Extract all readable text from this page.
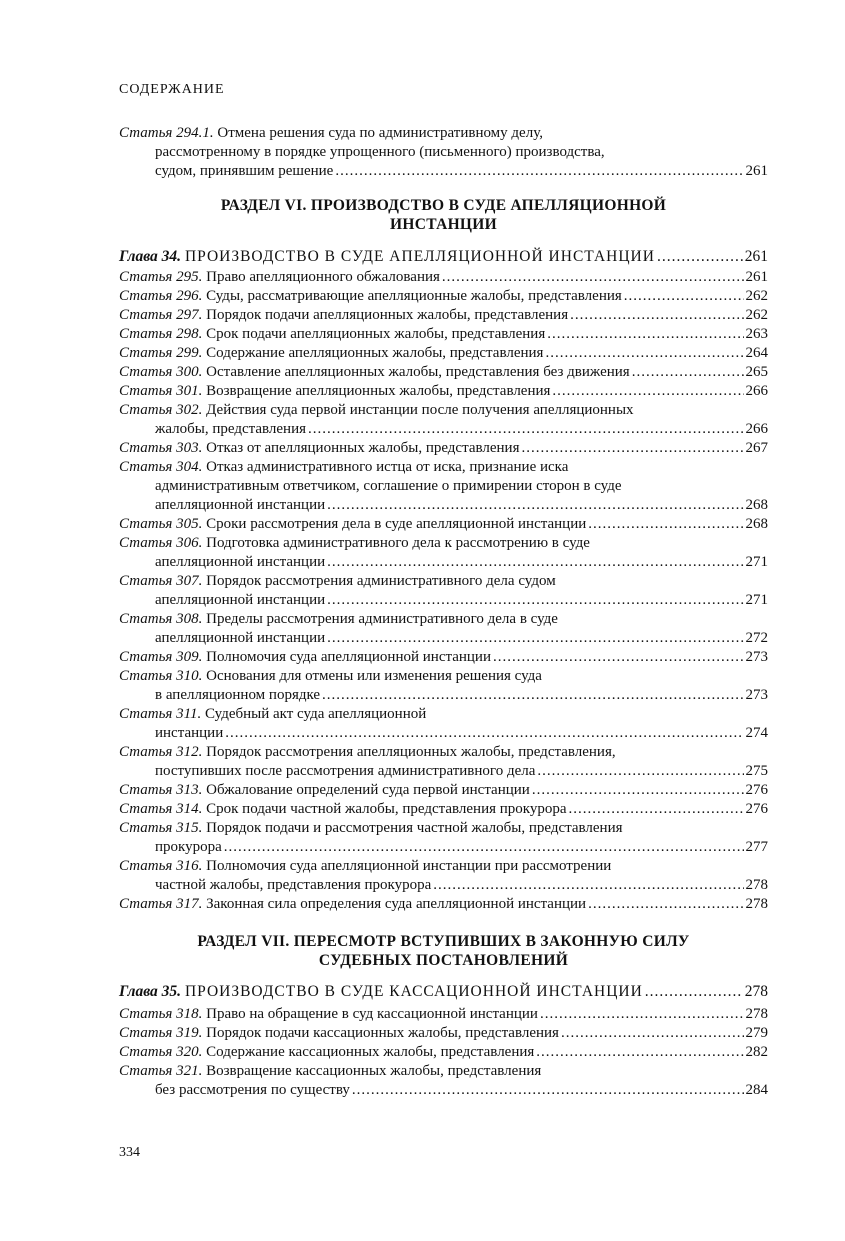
СОДЕРЖАНИЕ
Статья 294.1. Отмена решения суда по административному делу,
рассмотренному в порядке упрощенного (письменного) производства,
судом, принявшим решение .....	261
РАЗДЕЛ VI. ПРОИЗВОДСТВО В СУДЕ АПЕЛЛЯЦИОННОЙ
ИНСТАНЦИИ
Глава 34. ПРОИЗВОДСТВО В СУДЕ АПЕЛЛЯЦИОННОЙ ИНСТАНЦИИ .....	261
Статья 295. Право апелляционного обжалования .....	261
Статья 296. Суды, рассматривающие апелляционные жалобы, представления .....	262
Статья 297. Порядок подачи апелляционных жалобы, представления .....	262
Статья 298. Срок подачи апелляционных жалобы, представления .....	263
Статья 299. Содержание апелляционных жалобы, представления .....	264
Статья 300. Оставление апелляционных жалобы, представления без движения .....	265
Статья 301. Возвращение апелляционных жалобы, представления .....	266
Статья 302. Действия суда первой инстанции после получения апелляционных
жалобы, представления .....	266
Статья 303. Отказ от апелляционных жалобы, представления .....	267
Статья 304. Отказ административного истца от иска, признание иска
административным ответчиком, соглашение о примирении сторон в суде
апелляционной инстанции .....	268
Статья 305. Сроки рассмотрения дела в суде апелляционной инстанции .....	268
Статья 306. Подготовка административного дела к рассмотрению в суде
апелляционной инстанции .....	271
Статья 307. Порядок рассмотрения административного дела судом
апелляционной инстанции .....	271
Статья 308. Пределы рассмотрения административного дела в суде
апелляционной инстанции .....	272
Статья 309. Полномочия суда апелляционной инстанции .....	273
Статья 310. Основания для отмены или изменения решения суда
в апелляционном порядке .....	273
Статья 311. Судебный акт суда апелляционной
инстанции .....	274
Статья 312. Порядок рассмотрения апелляционных жалобы, представления,
поступивших после рассмотрения административного дела .....	275
Статья 313. Обжалование определений суда первой инстанции .....	276
Статья 314. Срок подачи частной жалобы, представления прокурора .....	276
Статья 315. Порядок подачи и рассмотрения частной жалобы, представления
прокурора .....	277
Статья 316. Полномочия суда апелляционной инстанции при рассмотрении
частной жалобы, представления прокурора .....	278
Статья 317. Законная сила определения суда апелляционной инстанции .....	278
РАЗДЕЛ VII. ПЕРЕСМОТР ВСТУПИВШИХ В ЗАКОННУЮ СИЛУ
СУДЕБНЫХ ПОСТАНОВЛЕНИЙ
Глава 35. ПРОИЗВОДСТВО В СУДЕ КАССАЦИОННОЙ ИНСТАНЦИИ .....	278
Статья 318. Право на обращение в суд кассационной инстанции .....	278
Статья 319. Порядок подачи кассационных жалобы, представления .....	279
Статья 320. Содержание кассационных жалобы, представления .....	282
Статья 321. Возвращение кассационных жалобы, представления
без рассмотрения по существу .....	284
334
